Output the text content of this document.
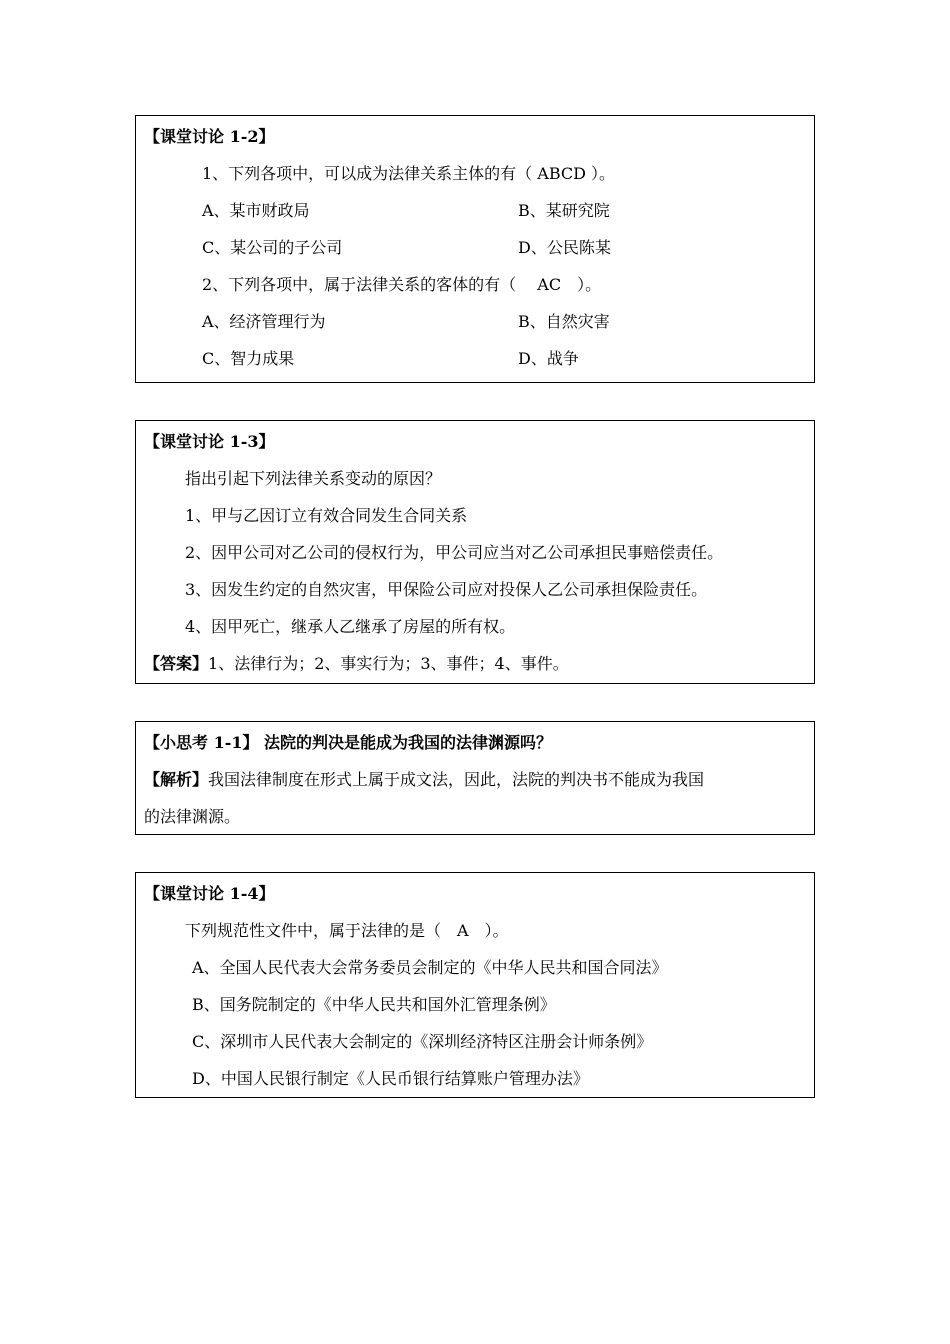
【课堂讨论 1-2】
1、下列各项中，可以成为法律关系主体的有（ ABCD ）。
A、某市财政局	B、某研究院
C、某公司的子公司	D、公民陈某
2、下列各项中，属于法律关系的客体的有（　 AC　）。
A、经济管理行为	B、自然灾害
C、智力成果	D、战争
【课堂讨论 1-3】
指出引起下列法律关系变动的原因？
1、甲与乙因订立有效合同发生合同关系
2、因甲公司对乙公司的侵权行为，甲公司应当对乙公司承担民事赔偿责任。
3、因发生约定的自然灾害，甲保险公司应对投保人乙公司承担保险责任。
4、因甲死亡，继承人乙继承了房屋的所有权。
【答案】1、法律行为；2、事实行为；3、事件；4、事件。
【小思考 1-1】 法院的判决是能成为我国的法律渊源吗？
【解析】我国法律制度在形式上属于成文法，因此，法院的判决书不能成为我国
的法律渊源。
【课堂讨论 1-4】
下列规范性文件中，属于法律的是（　A　）。
A、全国人民代表大会常务委员会制定的《中华人民共和国合同法》
B、国务院制定的《中华人民共和国外汇管理条例》
C、深圳市人民代表大会制定的《深圳经济特区注册会计师条例》
D、中国人民银行制定《人民币银行结算账户管理办法》
